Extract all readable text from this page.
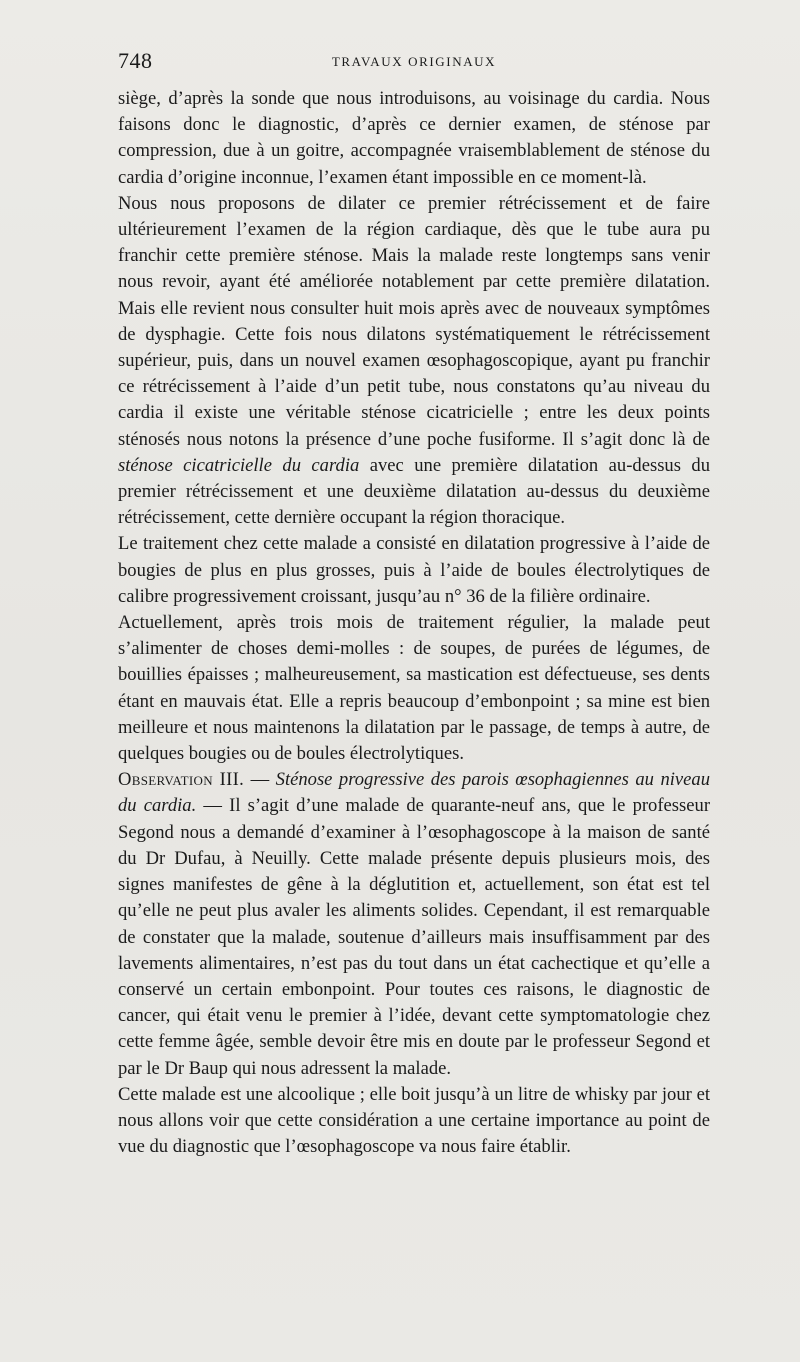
748	TRAVAUX ORIGINAUX

siège, d’après la sonde que nous introduisons, au voisinage du cardia. Nous faisons donc le diagnostic, d’après ce dernier examen, de sténose par compression, due à un goitre, accompagnée vraisemblablement de sténose du cardia d’origine inconnue, l’examen étant impossible en ce moment-là.

Nous nous proposons de dilater ce premier rétrécissement et de faire ultérieurement l’examen de la région cardiaque, dès que le tube aura pu franchir cette première sténose. Mais la malade reste longtemps sans venir nous revoir, ayant été améliorée notablement par cette première dilatation. Mais elle revient nous consulter huit mois après avec de nouveaux symptômes de dysphagie. Cette fois nous dilatons systématiquement le rétrécissement supérieur, puis, dans un nouvel examen œsophagoscopique, ayant pu franchir ce rétrécissement à l’aide d’un petit tube, nous constatons qu’au niveau du cardia il existe une véritable sténose cicatricielle ; entre les deux points sténosés nous notons la présence d’une poche fusiforme. Il s’agit donc là de sténose cicatricielle du cardia avec une première dilatation au-dessus du premier rétrécissement et une deuxième dilatation au-dessus du deuxième rétrécissement, cette dernière occupant la région thoracique.

Le traitement chez cette malade a consisté en dilatation progressive à l’aide de bougies de plus en plus grosses, puis à l’aide de boules électrolytiques de calibre progressivement croissant, jusqu’au n° 36 de la filière ordinaire.

Actuellement, après trois mois de traitement régulier, la malade peut s’alimenter de choses demi-molles : de soupes, de purées de légumes, de bouillies épaisses ; malheureusement, sa mastication est défectueuse, ses dents étant en mauvais état. Elle a repris beaucoup d’embonpoint ; sa mine est bien meilleure et nous maintenons la dilatation par le passage, de temps à autre, de quelques bougies ou de boules électrolytiques.

Observation III. — Sténose progressive des parois œsophagiennes au niveau du cardia. — Il s’agit d’une malade de quarante-neuf ans, que le professeur Segond nous a demandé d’examiner à l’œsophagoscope à la maison de santé du Dr Dufau, à Neuilly. Cette malade présente depuis plusieurs mois, des signes manifestes de gêne à la déglutition et, actuellement, son état est tel qu’elle ne peut plus avaler les aliments solides. Cependant, il est remarquable de constater que la malade, soutenue d’ailleurs mais insuffisamment par des lavements alimentaires, n’est pas du tout dans un état cachectique et qu’elle a conservé un certain embonpoint. Pour toutes ces raisons, le diagnostic de cancer, qui était venu le premier à l’idée, devant cette symptomatologie chez cette femme âgée, semble devoir être mis en doute par le professeur Segond et par le Dr Baup qui nous adressent la malade.

Cette malade est une alcoolique ; elle boit jusqu’à un litre de whisky par jour et nous allons voir que cette considération a une certaine importance au point de vue du diagnostic que l’œsophagoscope va nous faire établir.
